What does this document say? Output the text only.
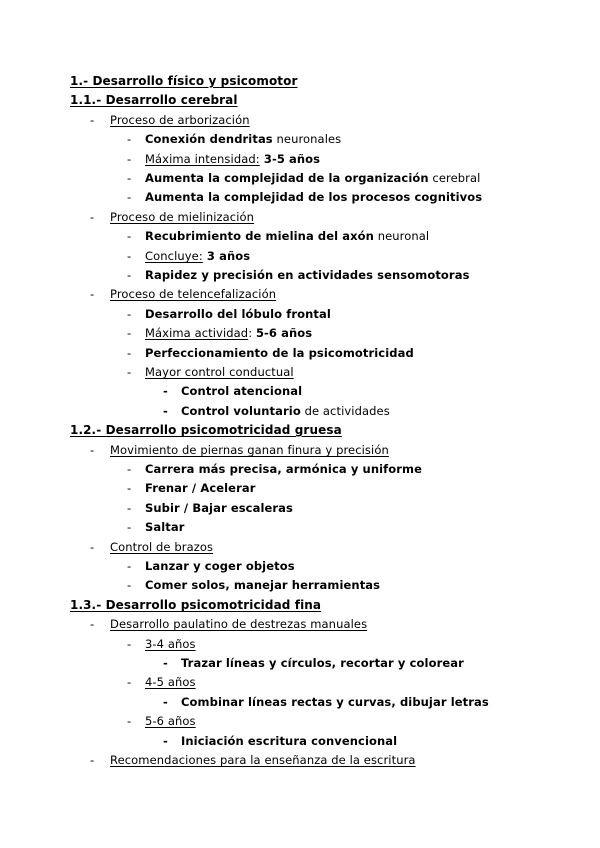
1.- Desarrollo físico y psicomotor
1.1.- Desarrollo cerebral
- Proceso de arborización
- Conexión dendritas neuronales
- Máxima intensidad: 3-5 años
- Aumenta la complejidad de la organización cerebral
- Aumenta la complejidad de los procesos cognitivos
- Proceso de mielinización
- Recubrimiento de mielina del axón neuronal
- Concluye: 3 años
- Rapidez y precisión en actividades sensomotoras
- Proceso de telencefalización
- Desarrollo del lóbulo frontal
- Máxima actividad: 5-6 años
- Perfeccionamiento de la psicomotricidad
- Mayor control conductual
- Control atencional
- Control voluntario de actividades
1.2.- Desarrollo psicomotricidad gruesa
- Movimiento de piernas ganan finura y precisión
- Carrera más precisa, armónica y uniforme
- Frenar / Acelerar
- Subir / Bajar escaleras
- Saltar
- Control de brazos
- Lanzar y coger objetos
- Comer solos, manejar herramientas
1.3.- Desarrollo psicomotricidad fina
- Desarrollo paulatino de destrezas manuales
- 3-4 años
- Trazar líneas y círculos, recortar y colorear
- 4-5 años
- Combinar líneas rectas y curvas, dibujar letras
- 5-6 años
- Iniciación escritura convencional
- Recomendaciones para la enseñanza de la escritura
